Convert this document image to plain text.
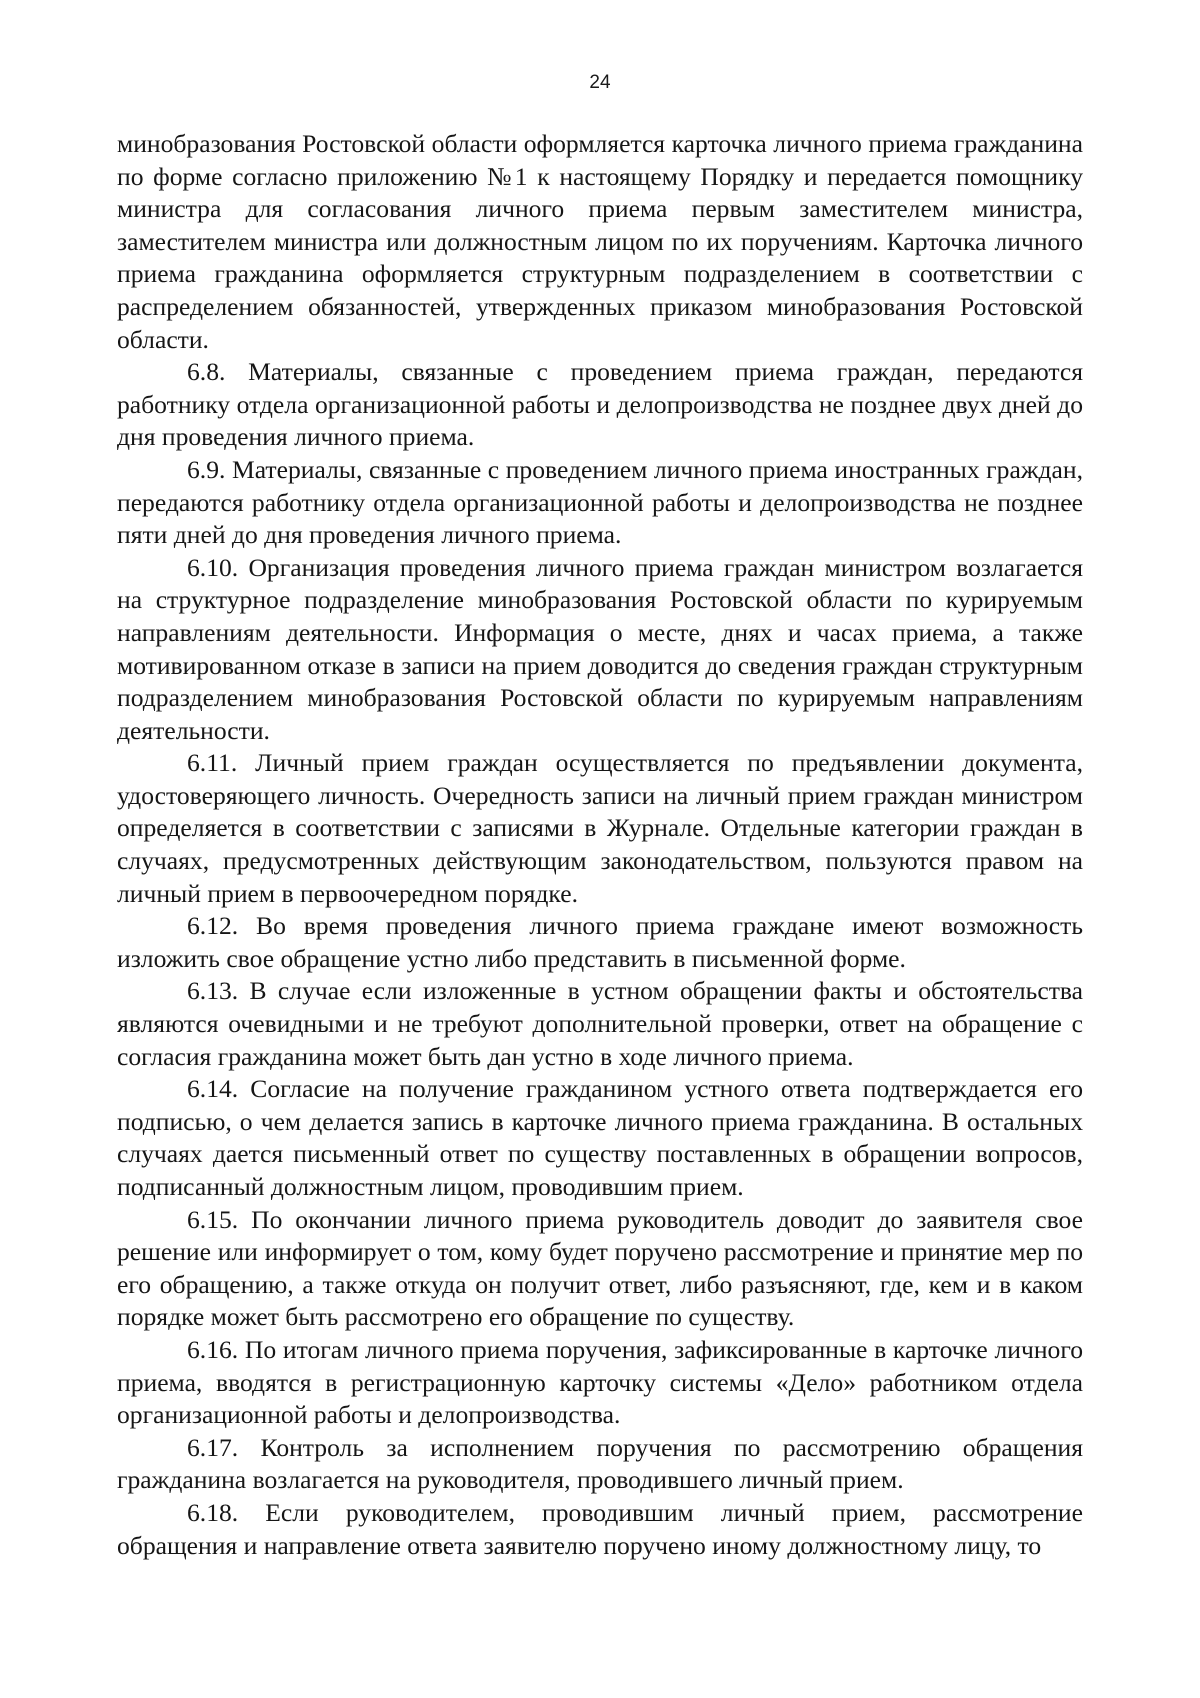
24

минобразования Ростовской области оформляется карточка личного приема гражданина по форме согласно приложению №1 к настоящему Порядку и передается помощнику министра для согласования личного приема первым заместителем министра, заместителем министра или должностным лицом по их поручениям. Карточка личного приема гражданина оформляется структурным подразделением в соответствии с распределением обязанностей, утвержденных приказом минобразования Ростовской области.

6.8. Материалы, связанные с проведением приема граждан, передаются работнику отдела организационной работы и делопроизводства не позднее двух дней до дня проведения личного приема.

6.9. Материалы, связанные с проведением личного приема иностранных граждан, передаются работнику отдела организационной работы и делопроизводства не позднее пяти дней до дня проведения личного приема.

6.10. Организация проведения личного приема граждан министром возлагается на структурное подразделение минобразования Ростовской области по курируемым направлениям деятельности. Информация о месте, днях и часах приема, а также мотивированном отказе в записи на прием доводится до сведения граждан структурным подразделением минобразования Ростовской области по курируемым направлениям деятельности.

6.11. Личный прием граждан осуществляется по предъявлении документа, удостоверяющего личность. Очередность записи на личный прием граждан министром определяется в соответствии с записями в Журнале. Отдельные категории граждан в случаях, предусмотренных действующим законодательством, пользуются правом на личный прием в первоочередном порядке.

6.12. Во время проведения личного приема граждане имеют возможность изложить свое обращение устно либо представить в письменной форме.

6.13. В случае если изложенные в устном обращении факты и обстоятельства являются очевидными и не требуют дополнительной проверки, ответ на обращение с согласия гражданина может быть дан устно в ходе личного приема.

6.14. Согласие на получение гражданином устного ответа подтверждается его подписью, о чем делается запись в карточке личного приема гражданина. В остальных случаях дается письменный ответ по существу поставленных в обращении вопросов, подписанный должностным лицом, проводившим прием.

6.15. По окончании личного приема руководитель доводит до заявителя свое решение или информирует о том, кому будет поручено рассмотрение и принятие мер по его обращению, а также откуда он получит ответ, либо разъясняют, где, кем и в каком порядке может быть рассмотрено его обращение по существу.

6.16. По итогам личного приема поручения, зафиксированные в карточке личного приема, вводятся в регистрационную карточку системы «Дело» работником отдела организационной работы и делопроизводства.

6.17. Контроль за исполнением поручения по рассмотрению обращения гражданина возлагается на руководителя, проводившего личный прием.

6.18. Если руководителем, проводившим личный прием, рассмотрение обращения и направление ответа заявителю поручено иному должностному лицу, то
